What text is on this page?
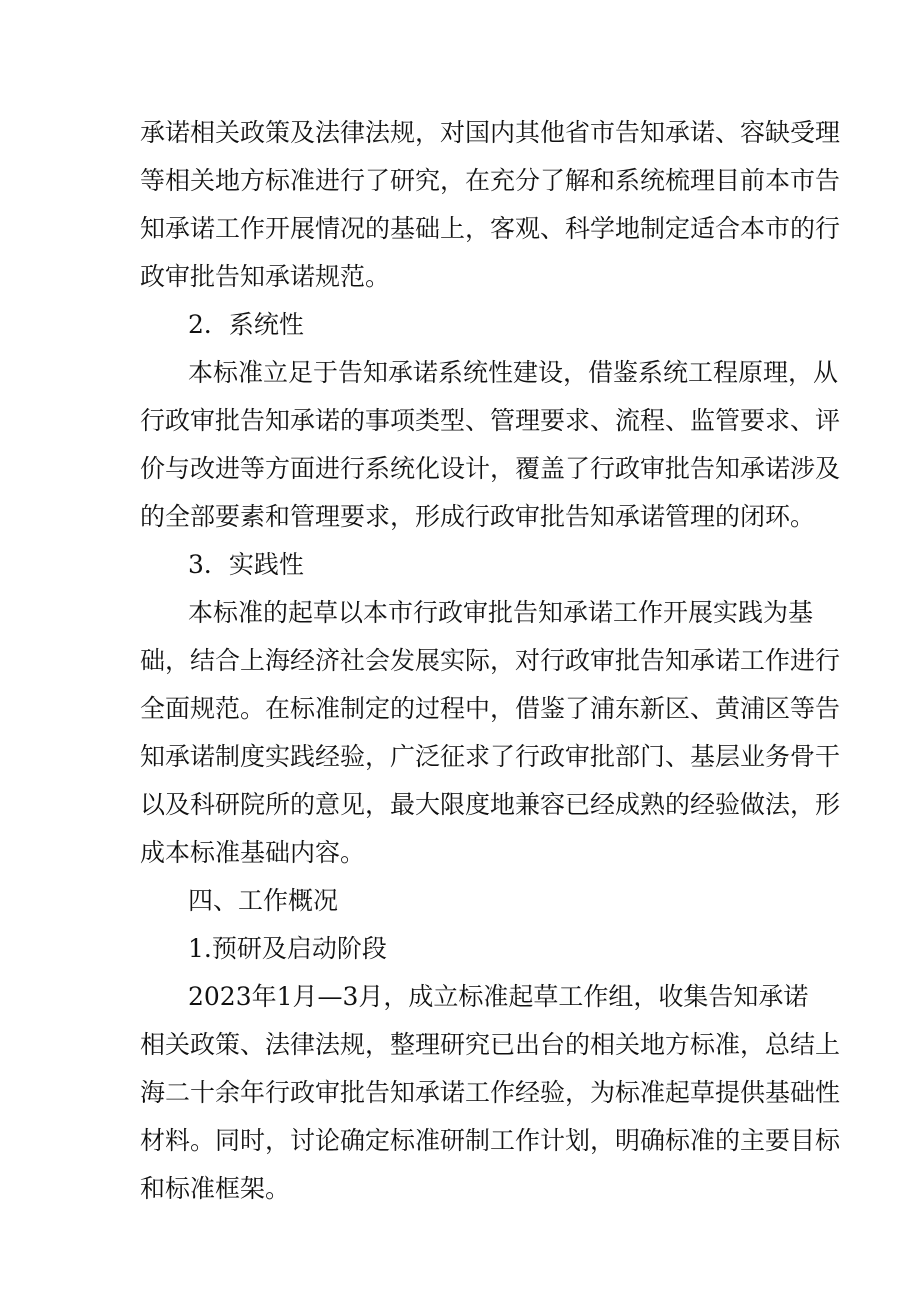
承诺相关政策及法律法规，对国内其他省市告知承诺、容缺受理
等相关地方标准进行了研究，在充分了解和系统梳理目前本市告
知承诺工作开展情况的基础上，客观、科学地制定适合本市的行
政审批告知承诺规范。
2．系统性
本标准立足于告知承诺系统性建设，借鉴系统工程原理，从
行政审批告知承诺的事项类型、管理要求、流程、监管要求、评
价与改进等方面进行系统化设计，覆盖了行政审批告知承诺涉及
的全部要素和管理要求，形成行政审批告知承诺管理的闭环。
3．实践性
本标准的起草以本市行政审批告知承诺工作开展实践为基
础，结合上海经济社会发展实际，对行政审批告知承诺工作进行
全面规范。在标准制定的过程中，借鉴了浦东新区、黄浦区等告
知承诺制度实践经验，广泛征求了行政审批部门、基层业务骨干
以及科研院所的意见，最大限度地兼容已经成熟的经验做法，形
成本标准基础内容。
四、工作概况
1.预研及启动阶段
2023年1月—3月，成立标准起草工作组，收集告知承诺
相关政策、法律法规，整理研究已出台的相关地方标准，总结上
海二十余年行政审批告知承诺工作经验，为标准起草提供基础性
材料。同时，讨论确定标准研制工作计划，明确标准的主要目标
和标准框架。
